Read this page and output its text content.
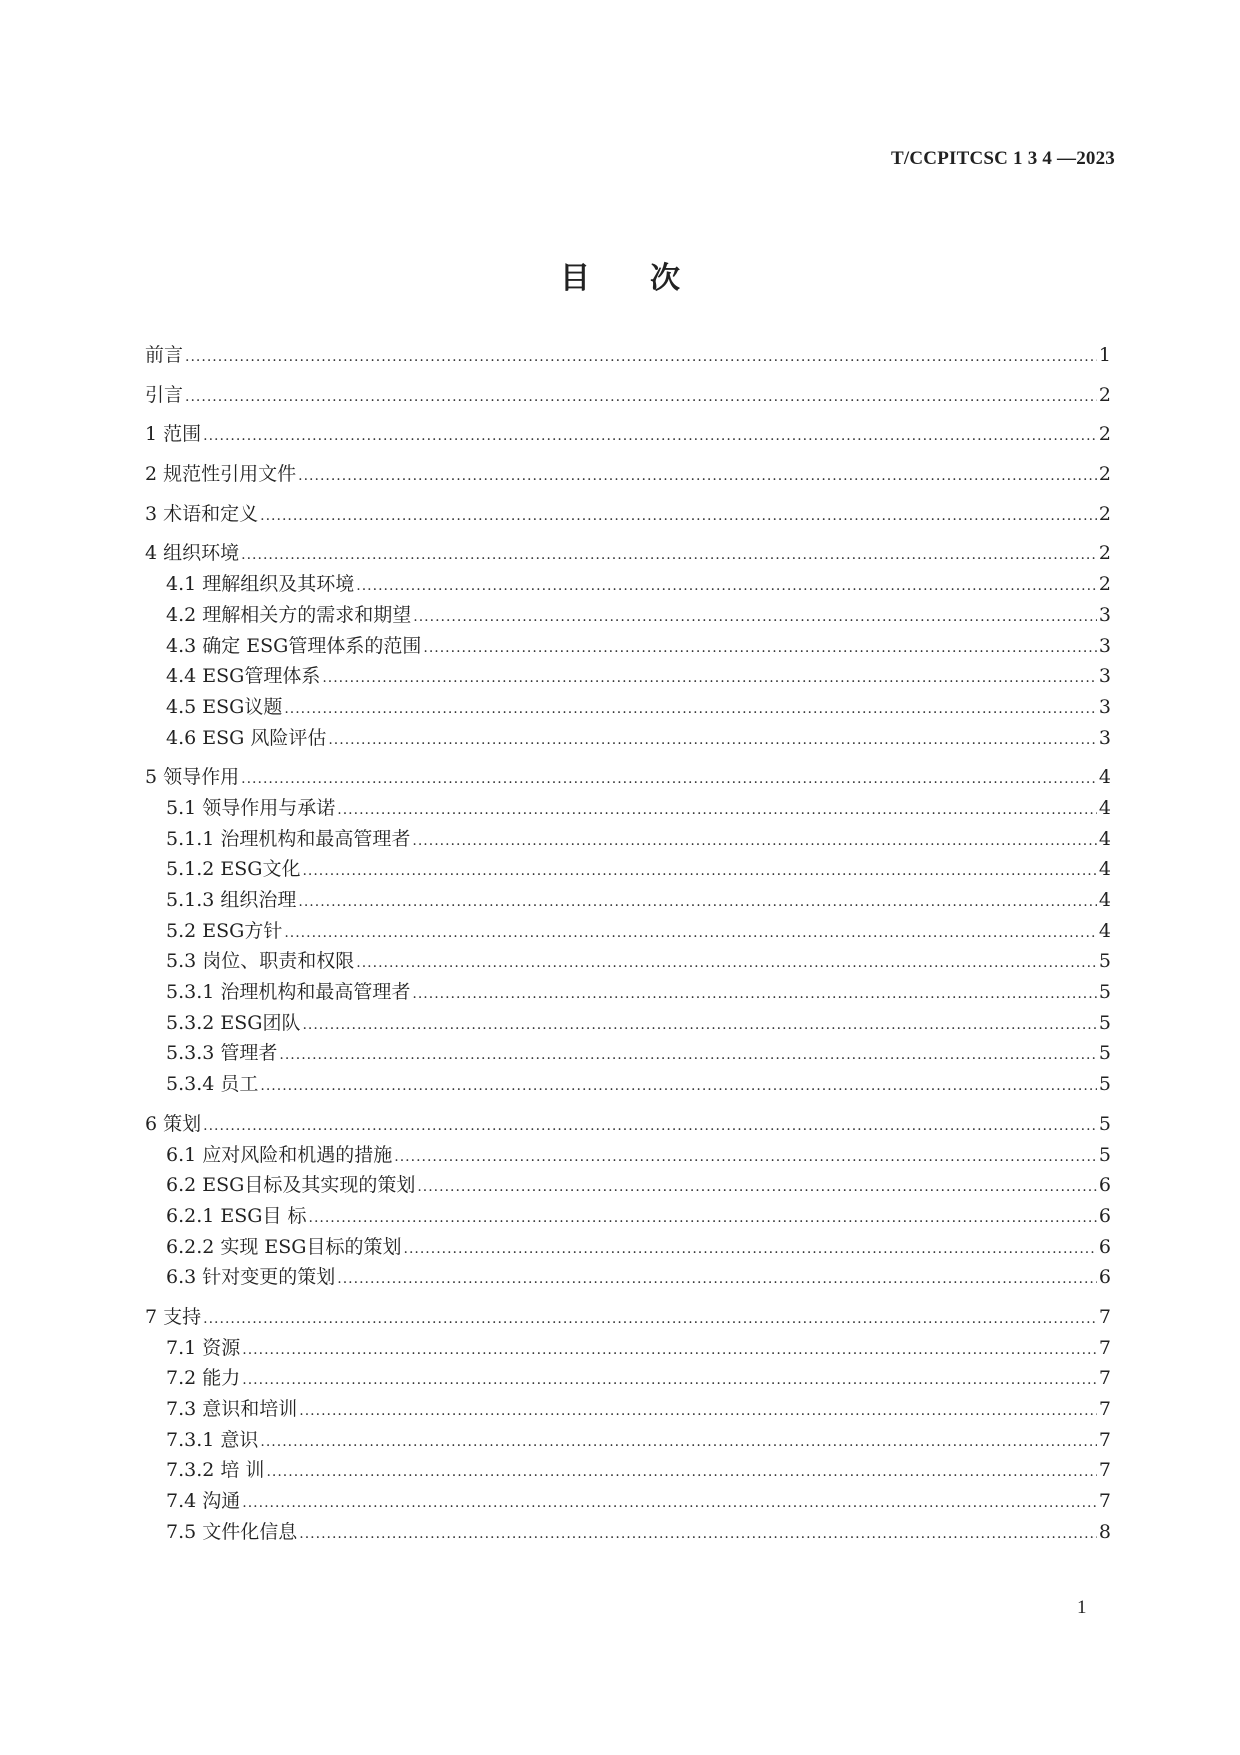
T/CCPITCSC 1 3 4 —2023
目　　次
前言 .....	1
引言 .....	2
1 范围 .....	2
2 规范性引用文件 .....	2
3 术语和定义 .....	2
4 组织环境 .....	2
4.1 理解组织及其环境 .....	2
4.2 理解相关方的需求和期望 .....	3
4.3 确定 ESG管理体系的范围 .....	3
4.4 ESG管理体系 .....	3
4.5 ESG议题 .....	3
4.6 ESG 风险评估 .....	3
5 领导作用 .....	4
5.1 领导作用与承诺 .....	4
5.1.1 治理机构和最高管理者 .....	4
5.1.2 ESG文化 .....	4
5.1.3 组织治理 .....	4
5.2 ESG方针 .....	4
5.3 岗位、职责和权限 .....	5
5.3.1 治理机构和最高管理者 .....	5
5.3.2 ESG团队 .....	5
5.3.3 管理者 .....	5
5.3.4 员工 .....	5
6 策划 .....	5
6.1 应对风险和机遇的措施 .....	5
6.2 ESG目标及其实现的策划 .....	6
6.2.1 ESG目 标 .....	6
6.2.2 实现 ESG目标的策划 .....	6
6.3 针对变更的策划 .....	6
7 支持 .....	7
7.1 资源 .....	7
7.2 能力 .....	7
7.3 意识和培训 .....	7
7.3.1 意识 .....	7
7.3.2 培 训 .....	7
7.4 沟通 .....	7
7.5 文件化信息 .....	8
1
